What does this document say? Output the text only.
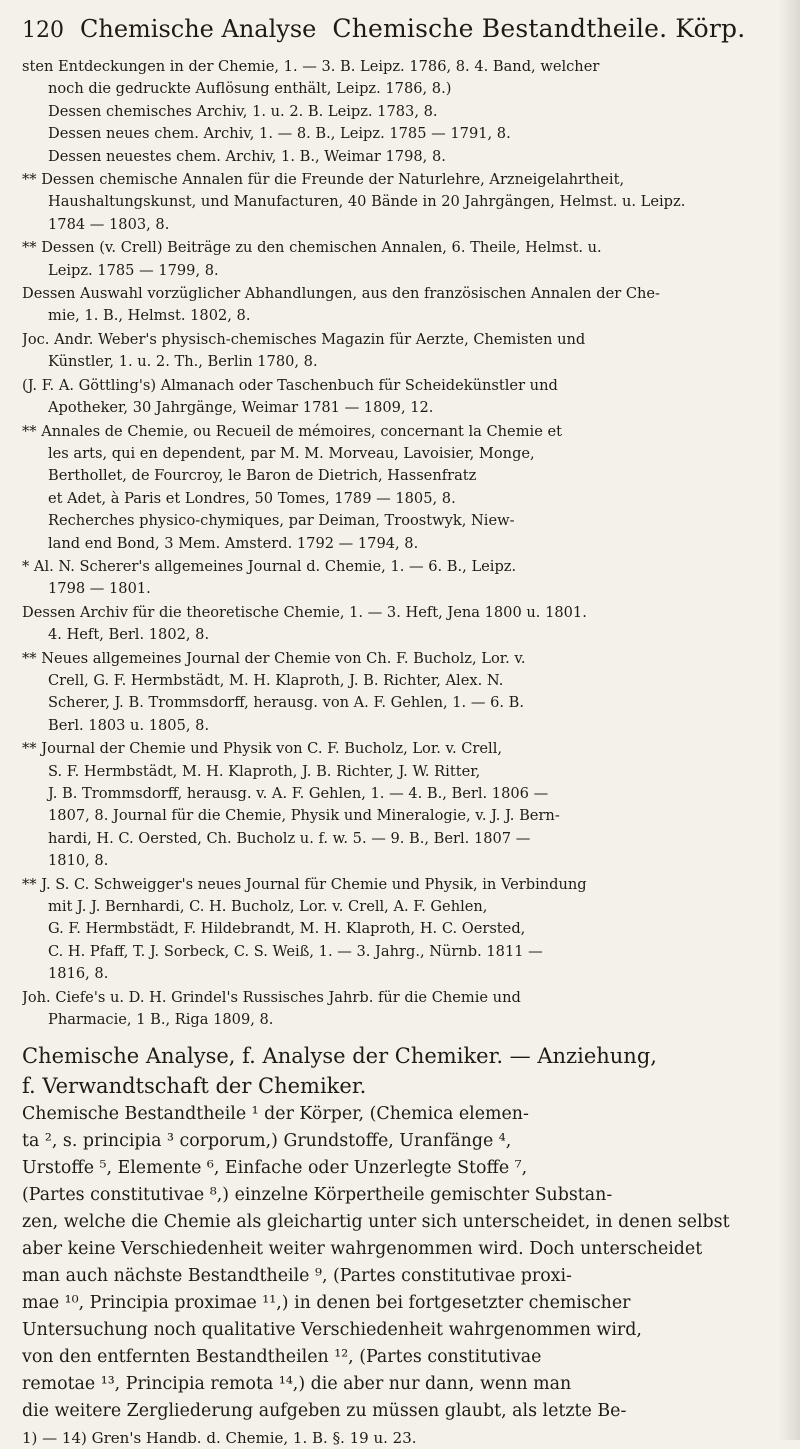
120 Chemische Analyse Chemische Bestandtheile. Körp.
sten Entdeckungen in der Chemie, 1. — 3. B. Leipz. 1786, 8. 4. Band, welcher
noch die gedruckte Auflösung enthält, Leipz. 1786, 8.)
Dessen chemisches Archiv, 1. u. 2. B. Leipz. 1783, 8.
Dessen neues chem. Archiv, 1. — 8. B., Leipz. 1785 — 1791, 8.
Dessen neuestes chem. Archiv, 1. B., Weimar 1798, 8.
** Dessen chemische Annalen für die Freunde der Naturlehre, Arzneigelahrtheit,
Haushaltungskunst, und Manufacturen, 40 Bände in 20 Jahrgängen, Helmst. u. Leipz.
1784 — 1803, 8.
** Dessen (v. Crell) Beiträge zu den chemischen Annalen, 6. Theile, Helmst. u.
Leipz. 1785 — 1799, 8.
Dessen Auswahl vorzüglicher Abhandlungen, aus den französischen Annalen der Che-
mie, 1. B., Helmst. 1802, 8.
Joc. Andr. Weber's physisch-chemisches Magazin für Aerzte, Chemisten und
Künstler, 1. u. 2. Th., Berlin 1780, 8.
(J. F. A. Göttling's) Almanach oder Taschenbuch für Scheidekünstler und
Apotheker, 30 Jahrgänge, Weimar 1781 — 1809, 12.
** Annales de Chemie, ou Recueil de mémoires, concernant la Chemie et
les arts, qui en dependent, par M. M. Morveau, Lavoisier, Monge,
Berthollet, de Fourcroy, le Baron de Dietrich, Hassenfratz
et Adet, à Paris et Londres, 50 Tomes, 1789 — 1805, 8.
Recherches physico-chymiques, par Deiman, Troostwyk, Niew-
land end Bond, 3 Mem. Amsterd. 1792 — 1794, 8.
* Al. N. Scherer's allgemeines Journal d. Chemie, 1. — 6. B., Leipz.
1798 — 1801.
Dessen Archiv für die theoretische Chemie, 1. — 3. Heft, Jena 1800 u. 1801.
4. Heft, Berl. 1802, 8.
** Neues allgemeines Journal der Chemie von Ch. F. Bucholz, Lor. v.
Crell, G. F. Hermbstädt, M. H. Klaproth, J. B. Richter, Alex. N.
Scherer, J. B. Trommsdorff, herausg. von A. F. Gehlen, 1. — 6. B.
Berl. 1803 u. 1805, 8.
** Journal der Chemie und Physik von C. F. Bucholz, Lor. v. Crell,
S. F. Hermbstädt, M. H. Klaproth, J. B. Richter, J. W. Ritter,
J. B. Trommsdorff, herausg. v. A. F. Gehlen, 1. — 4. B., Berl. 1806 —
1807, 8. Journal für die Chemie, Physik und Mineralogie, v. J. J. Bern-
hardi, H. C. Oersted, Ch. Bucholz u. f. w. 5. — 9. B., Berl. 1807 —
1810, 8.
** J. S. C. Schweigger's neues Journal für Chemie und Physik, in Verbindung
mit J. J. Bernhardi, C. H. Bucholz, Lor. v. Crell, A. F. Gehlen,
G. F. Hermbstädt, F. Hildebrandt, M. H. Klaproth, H. C. Oersted,
C. H. Pfaff, T. J. Sorbeck, C. S. Weiß, 1. — 3. Jahrg., Nürnb. 1811 —
1816, 8.
Joh. Ciefe's u. D. H. Grindel's Russisches Jahrb. für die Chemie und
Pharmacie, 1 B., Riga 1809, 8.
Chemische Analyse, f. Analyse der Chemiker. — Anziehung,
f. Verwandtschaft der Chemiker.
Chemische Bestandtheile ¹ der Körper, (Chemica elemen-
ta ², s. principia ³ corporum,) Grundstoffe, Uranfänge ⁴,
Urstoffe ⁵, Elemente ⁶, Einfache oder Unzerlegte Stoffe ⁷,
(Partes constitutivae ⁸,) einzelne Körpertheile gemischter Substan-
zen, welche die Chemie als gleichartig unter sich unterscheidet, in denen selbst
aber keine Verschiedenheit weiter wahrgenommen wird. Doch unterscheidet
man auch nächste Bestandtheile ⁹, (Partes constitutivae proxi-
mae ¹⁰, Principia proximae ¹¹,) in denen bei fortgesetzter chemischer
Untersuchung noch qualitative Verschiedenheit wahrgenommen wird,
von den entfernten Bestandtheilen ¹², (Partes constitutivae
remotae ¹³, Principia remota ¹⁴,) die aber nur dann, wenn man
die weitere Zergliederung aufgeben zu müssen glaubt, als letzte Be-
1) — 14) Gren's Handb. d. Chemie, 1. B. §. 19 u. 23.
